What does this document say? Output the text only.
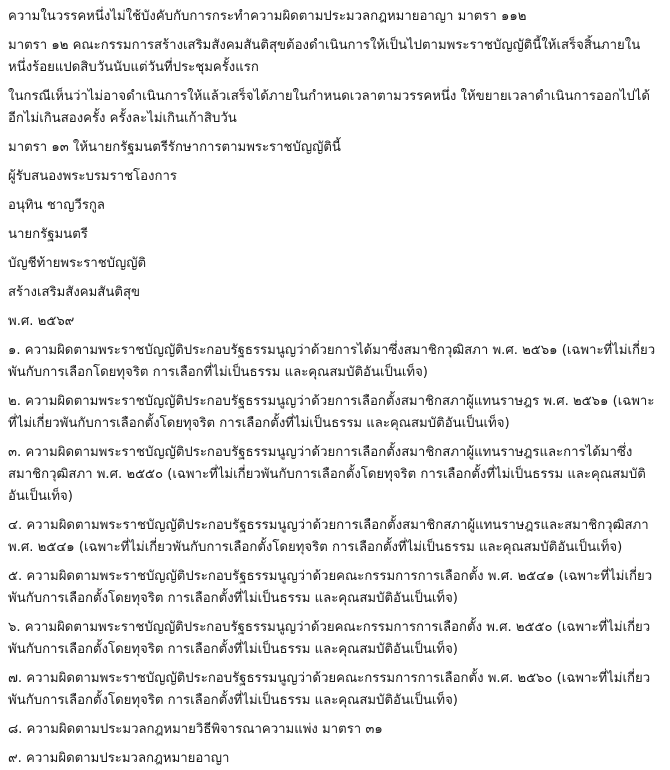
ความในวรรคหนึ่งไม่ใช้บังคับกับการกระทำความผิดตามประมวลกฎหมายอาญา มาตรา ๑๑๒

มาตรา ๑๒ คณะกรรมการสร้างเสริมสังคมสันติสุขต้องดำเนินการให้เป็นไปตามพระราชบัญญัตินี้ให้เสร็จสิ้นภายในหนึ่งร้อยแปดสิบวันนับแต่วันที่ประชุมครั้งแรก

ในกรณีเห็นว่าไม่อาจดำเนินการให้แล้วเสร็จได้ภายในกำหนดเวลาตามวรรคหนึ่ง ให้ขยายเวลาดำเนินการออกไปได้อีกไม่เกินสองครั้ง ครั้งละไม่เกินเก้าสิบวัน

มาตรา ๑๓ ให้นายกรัฐมนตรีรักษาการตามพระราชบัญญัตินี้

ผู้รับสนองพระบรมราชโองการ

อนุทิน ชาญวีรกูล

นายกรัฐมนตรี

บัญชีท้ายพระราชบัญญัติ

สร้างเสริมสังคมสันติสุข

พ.ศ. ๒๕๖๙

๑. ความผิดตามพระราชบัญญัติประกอบรัฐธรรมนูญว่าด้วยการได้มาซึ่งสมาชิกวุฒิสภา พ.ศ. ๒๕๖๑ (เฉพาะที่ไม่เกี่ยวพันกับการเลือกโดยทุจริต การเลือกที่ไม่เป็นธรรม และคุณสมบัติอันเป็นเท็จ)

๒. ความผิดตามพระราชบัญญัติประกอบรัฐธรรมนูญว่าด้วยการเลือกตั้งสมาชิกสภาผู้แทนราษฎร พ.ศ. ๒๕๖๑ (เฉพาะที่ไม่เกี่ยวพันกับการเลือกตั้งโดยทุจริต การเลือกตั้งที่ไม่เป็นธรรม และคุณสมบัติอันเป็นเท็จ)

๓. ความผิดตามพระราชบัญญัติประกอบรัฐธรรมนูญว่าด้วยการเลือกตั้งสมาชิกสภาผู้แทนราษฎรและการได้มาซึ่งสมาชิกวุฒิสภา พ.ศ. ๒๕๕๐ (เฉพาะที่ไม่เกี่ยวพันกับการเลือกตั้งโดยทุจริต การเลือกตั้งที่ไม่เป็นธรรม และคุณสมบัติอันเป็นเท็จ)

๔. ความผิดตามพระราชบัญญัติประกอบรัฐธรรมนูญว่าด้วยการเลือกตั้งสมาชิกสภาผู้แทนราษฎรและสมาชิกวุฒิสภา พ.ศ. ๒๕๔๑ (เฉพาะที่ไม่เกี่ยวพันกับการเลือกตั้งโดยทุจริต การเลือกตั้งที่ไม่เป็นธรรม และคุณสมบัติอันเป็นเท็จ)

๕. ความผิดตามพระราชบัญญัติประกอบรัฐธรรมนูญว่าด้วยคณะกรรมการการเลือกตั้ง พ.ศ. ๒๕๔๑ (เฉพาะที่ไม่เกี่ยวพันกับการเลือกตั้งโดยทุจริต การเลือกตั้งที่ไม่เป็นธรรม และคุณสมบัติอันเป็นเท็จ)

๖. ความผิดตามพระราชบัญญัติประกอบรัฐธรรมนูญว่าด้วยคณะกรรมการการเลือกตั้ง พ.ศ. ๒๕๕๐ (เฉพาะที่ไม่เกี่ยวพันกับการเลือกตั้งโดยทุจริต การเลือกตั้งที่ไม่เป็นธรรม และคุณสมบัติอันเป็นเท็จ)

๗. ความผิดตามพระราชบัญญัติประกอบรัฐธรรมนูญว่าด้วยคณะกรรมการการเลือกตั้ง พ.ศ. ๒๕๖๐ (เฉพาะที่ไม่เกี่ยวพันกับการเลือกตั้งโดยทุจริต การเลือกตั้งที่ไม่เป็นธรรม และคุณสมบัติอันเป็นเท็จ)

๘. ความผิดตามประมวลกฎหมายวิธีพิจารณาความแพ่ง มาตรา ๓๑

๙. ความผิดตามประมวลกฎหมายอาญา
